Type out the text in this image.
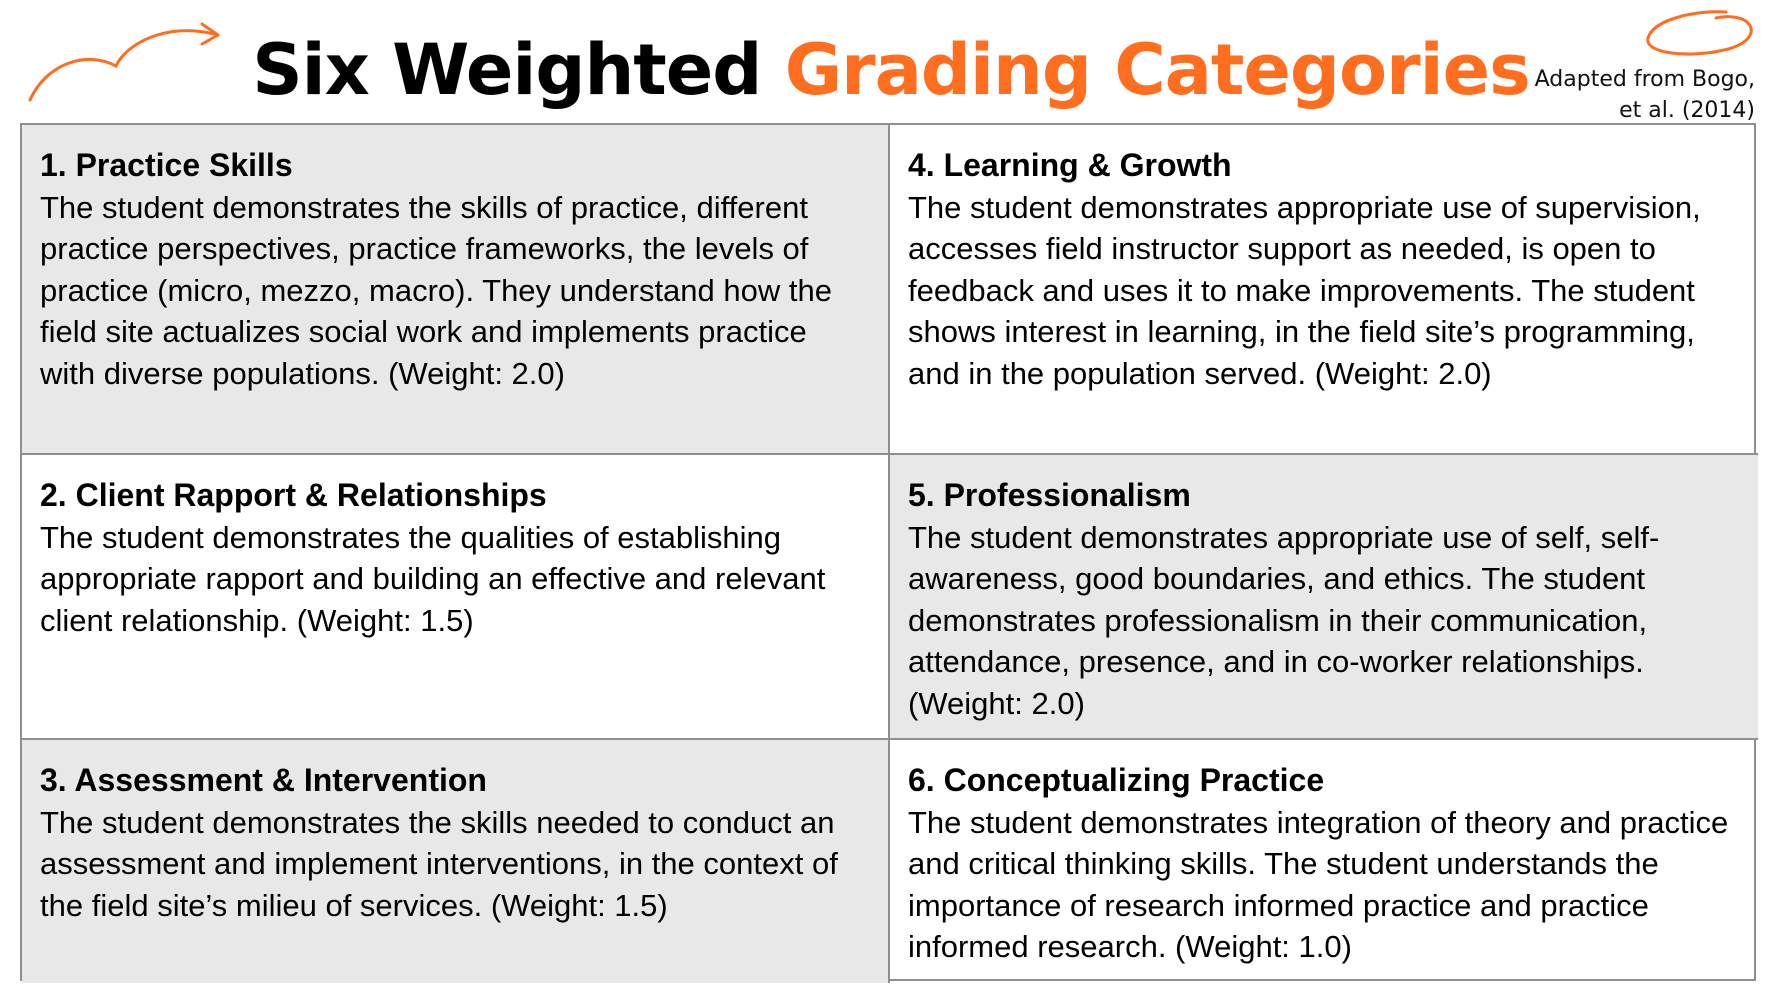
Six Weighted Grading Categories Adapted from Bogo,
et al. (2014)
1. Practice Skills

The student demonstrates the skills of practice, different practice perspectives, practice frameworks, the levels of practice (micro, mezzo, macro). They understand how the field site actualizes social work and implements practice with diverse populations. (Weight: 2.0)

4. Learning & Growth

The student demonstrates appropriate use of supervision, accesses field instructor support as needed, is open to feedback and uses it to make improvements. The student shows interest in learning, in the field site’s programming, and in the population served. (Weight: 2.0)

2. Client Rapport & Relationships

The student demonstrates the qualities of establishing appropriate rapport and building an effective and relevant client relationship. (Weight: 1.5)

5. Professionalism

The student demonstrates appropriate use of self, self-awareness, good boundaries, and ethics. The student demonstrates professionalism in their communication, attendance, presence, and in co-worker relationships. (Weight: 2.0)

3. Assessment & Intervention

The student demonstrates the skills needed to conduct an assessment and implement interventions, in the context of the field site’s milieu of services. (Weight: 1.5)

6. Conceptualizing Practice

The student demonstrates integration of theory and practice and critical thinking skills. The student understands the importance of research informed practice and practice informed research. (Weight: 1.0)
